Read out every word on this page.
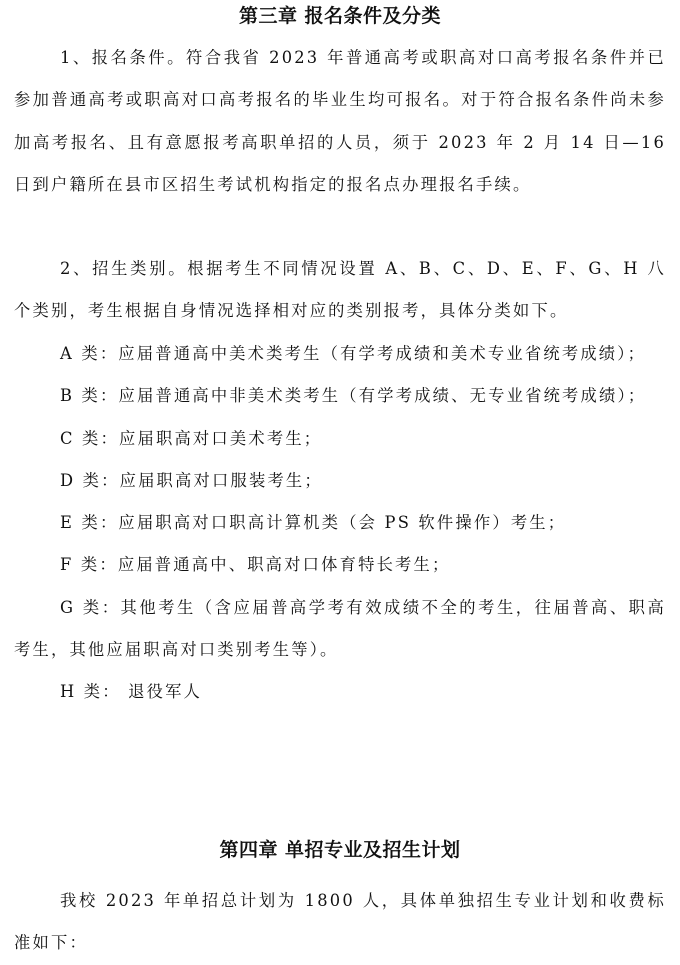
第三章 报名条件及分类

1、报名条件。符合我省 2023 年普通高考或职高对口高考报名条件并已参加普通高考或职高对口高考报名的毕业生均可报名。对于符合报名条件尚未参加高考报名、且有意愿报考高职单招的人员，须于 2023 年 2 月 14 日—16 日到户籍所在县市区招生考试机构指定的报名点办理报名手续。

2、招生类别。根据考生不同情况设置 A、B、C、D、E、F、G、H 八个类别，考生根据自身情况选择相对应的类别报考，具体分类如下。

A 类：应届普通高中美术类考生（有学考成绩和美术专业省统考成绩）；
B 类：应届普通高中非美术类考生（有学考成绩、无专业省统考成绩）；
C 类：应届职高对口美术考生；
D 类：应届职高对口服装考生；
E 类：应届职高对口职高计算机类（会 PS 软件操作）考生；
F 类：应届普通高中、职高对口体育特长考生；
G 类：其他考生（含应届普高学考有效成绩不全的考生，往届普高、职高考生，其他应届职高对口类别考生等）。
H 类： 退役军人
第四章 单招专业及招生计划

我校 2023 年单招总计划为 1800 人，具体单独招生专业计划和收费标准如下：
